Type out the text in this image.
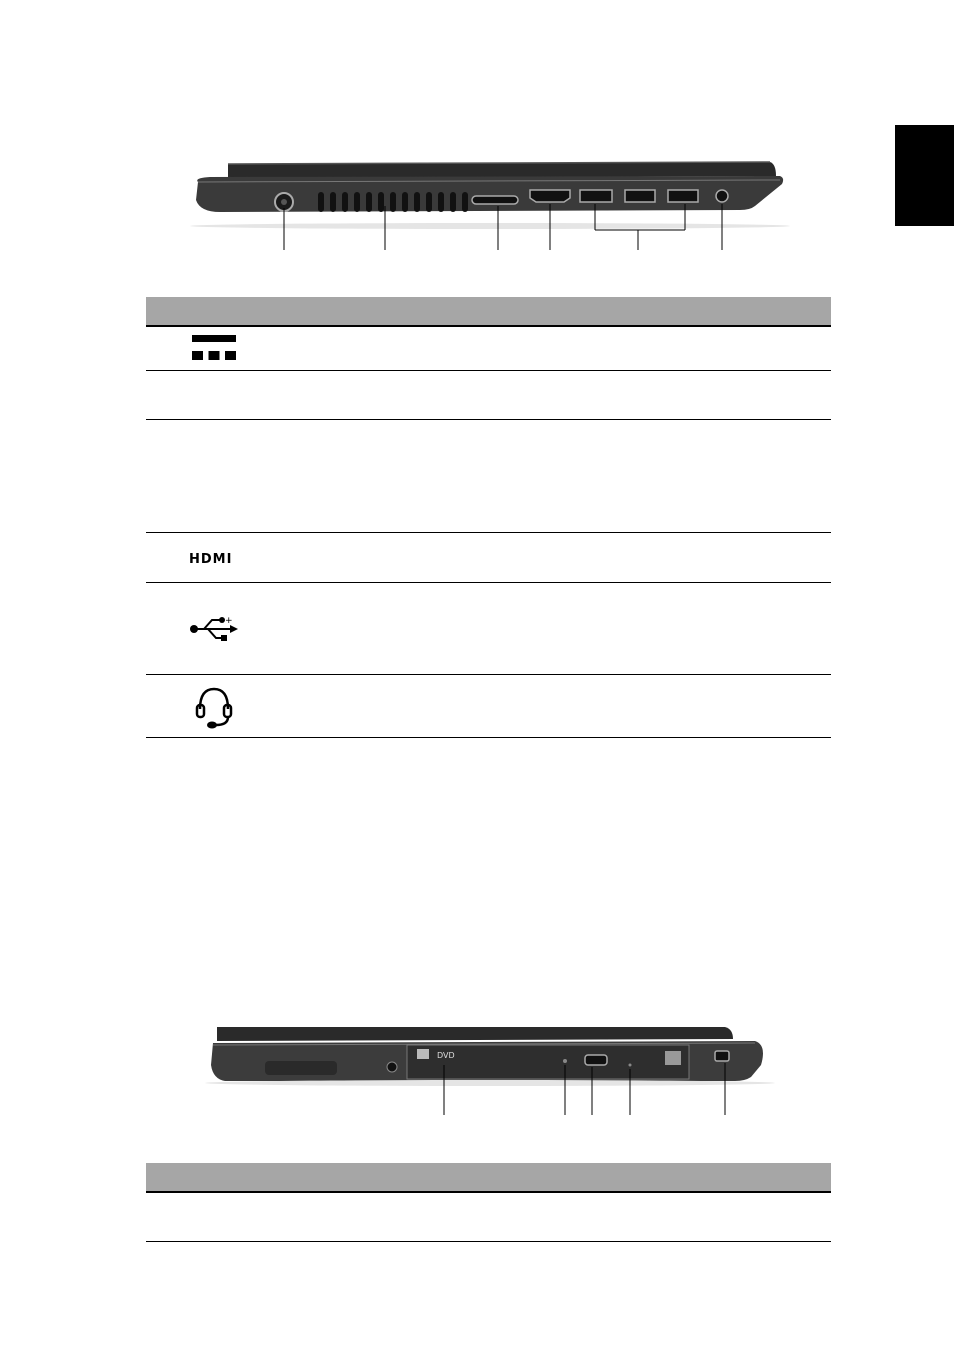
HDMI
+
DVD
